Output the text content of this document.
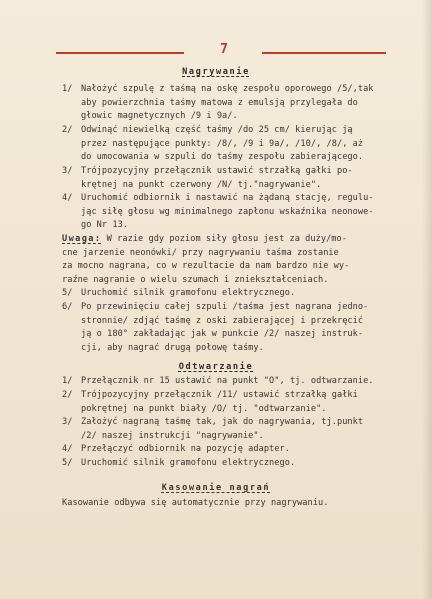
7
Nagrywanie
1/ Nałożyć szpulę z taśmą na oskę zespołu oporowego /5/,tak
aby powierzchnia taśmy matowa z emulsją przylegała do
głowic magnetycznych /9 i 9a/.
2/ Odwinąć niewielką część taśmy /do 25 cm/ kierując ją
przez następujące punkty: /8/, /9 i 9a/, /10/, /8/, aż
do umocowania w szpuli do taśmy zespołu zabierającego.
3/ Trójpozycyjny przełącznik ustawić strzałką gałki po-
krętnej na punkt czerwony /N/ tj."nagrywanie".
4/ Uruchomić odbiornik i nastawić na żądaną stację, regulu-
jąc siłę głosu wg minimalnego zapłonu wskaźnika neonowe-
go Nr 13.
Uwaga: W razie gdy poziom siły głosu jest za duży/mo-
cne jarzenie neonówki/ przy nagrywaniu taśma zostanie
za mocno nagrana, co w rezultacie da nam bardzo nie wy-
raźne nagranie o wielu szumach i zniekształceniach.
5/ Uruchomić silnik gramofonu elektrycznego.
6/ Po przewinięciu całej szpuli /taśma jest nagrana jedno-
stronnie/ zdjąć taśmę z oski zabierającej i przekręcić
ją o 180° zakładając jak w punkcie /2/ naszej instruk-
cji, aby nagrać drugą połowę taśmy.
Odtwarzanie
1/ Przełącznik nr 15 ustawić na punkt "O", tj. odtwarzanie.
2/ Trójpozycyjny przełącznik /11/ ustawić strzałką gałki
pokrętnej na punkt biały /O/ tj. "odtwarzanie".
3/ Założyć nagraną taśmę tak, jak do nagrywania, tj.punkt
/2/ naszej instrukcji "nagrywanie".
4/ Przełączyć odbiornik na pozycję adapter.
5/ Uruchomić silnik gramofonu elektrycznego.
Kasowanie nagrań
Kasowanie odbywa się automatycznie przy nagrywaniu.
